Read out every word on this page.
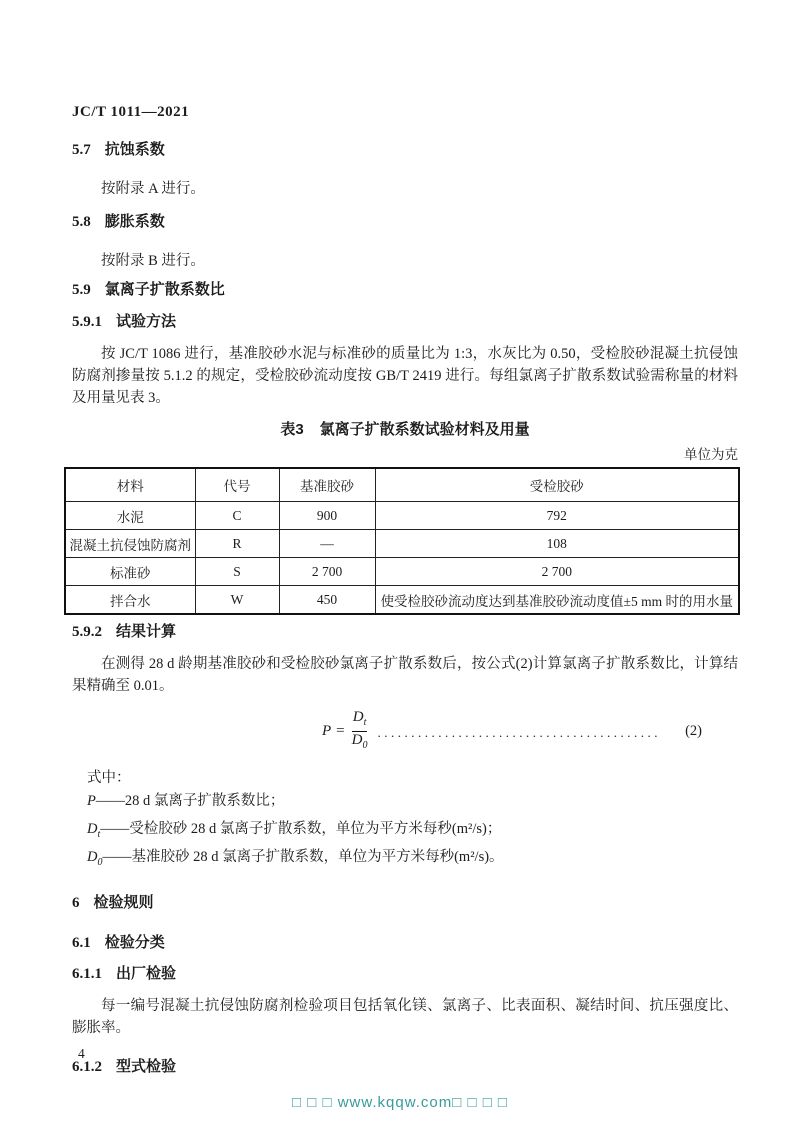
JC/T 1011—2021
5.7 抗蚀系数
按附录 A 进行。
5.8 膨胀系数
按附录 B 进行。
5.9 氯离子扩散系数比
5.9.1 试验方法
按 JC/T 1086 进行，基准胶砂水泥与标准砂的质量比为 1:3，水灰比为 0.50，受检胶砂混凝土抗侵蚀防腐剂掺量按 5.1.2 的规定，受检胶砂流动度按 GB/T 2419 进行。每组氯离子扩散系数试验需称量的材料及用量见表 3。
表3 氯离子扩散系数试验材料及用量
单位为克
材料	代号	基准胶砂	受检胶砂
水泥	C	900	792
混凝土抗侵蚀防腐剂	R	—	108
标准砂	S	2 700	2 700
拌合水	W	450	使受检胶砂流动度达到基准胶砂流动度值±5 mm 时的用水量
5.9.2 结果计算
在测得 28 d 龄期基准胶砂和受检胶砂氯离子扩散系数后，按公式(2)计算氯离子扩散系数比，计算结果精确至 0.01。
$P = \frac{D_t}{D_0}$ ..........................................	(2)
式中：
P——28 d 氯离子扩散系数比；
$D_t——$受检胶砂 28 d 氯离子扩散系数，单位为平方米每秒(m²/s)；
$D_0——$基准胶砂 28 d 氯离子扩散系数，单位为平方米每秒(m²/s)。
6 检验规则
6.1 检验分类
6.1.1 出厂检验
每一编号混凝土抗侵蚀防腐剂检验项目包括氧化镁、氯离子、比表面积、凝结时间、抗压强度比、膨胀率。
6.1.2 型式检验
4
□ □ □ www.kqqw.com□ □ □ □
